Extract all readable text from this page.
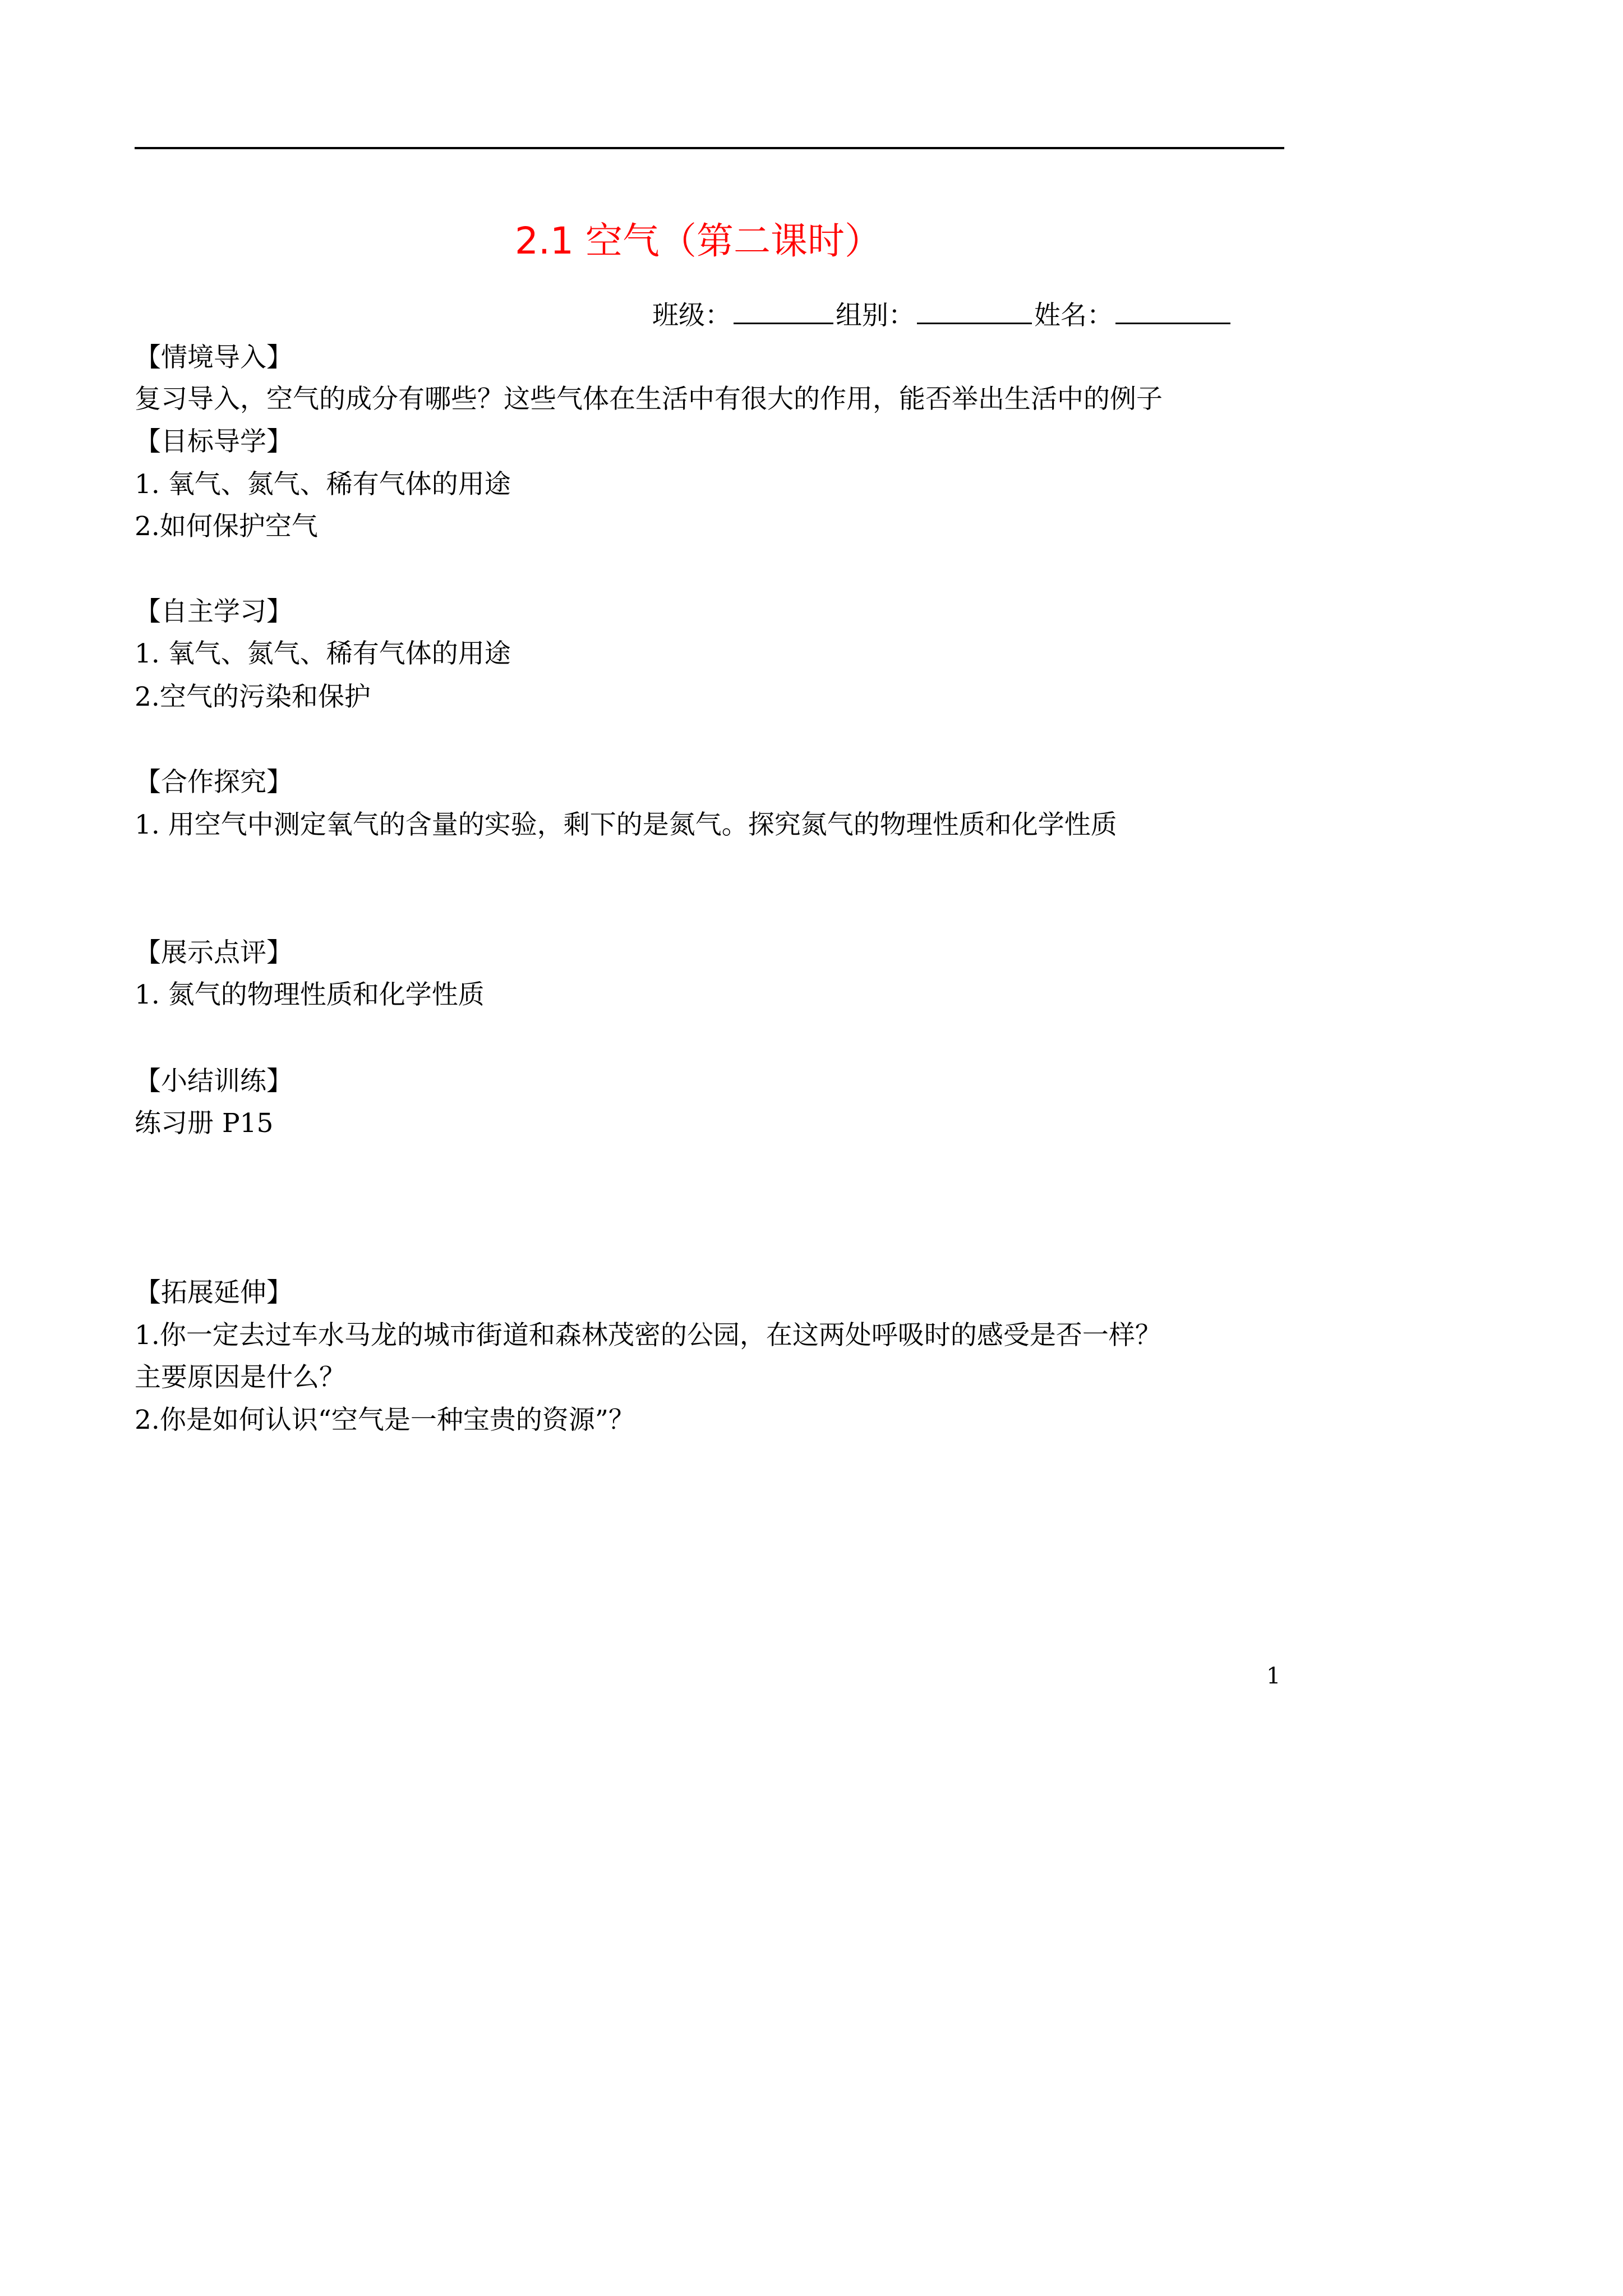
2.1 空气（第二课时）
班级：	组别：	姓名：
【情境导入】
复习导入，空气的成分有哪些？这些气体在生活中有很大的作用，能否举出生活中的例子
【目标导学】
1. 氧气、氮气、稀有气体的用途
2.如何保护空气
【自主学习】
1. 氧气、氮气、稀有气体的用途
2.空气的污染和保护
【合作探究】
1. 用空气中测定氧气的含量的实验，剩下的是氮气。探究氮气的物理性质和化学性质
【展示点评】
1. 氮气的物理性质和化学性质
【小结训练】
练习册 P15
【拓展延伸】
1.你一定去过车水马龙的城市街道和森林茂密的公园，在这两处呼吸时的感受是否一样？
主要原因是什么？
2.你是如何认识“空气是一种宝贵的资源”？
1
